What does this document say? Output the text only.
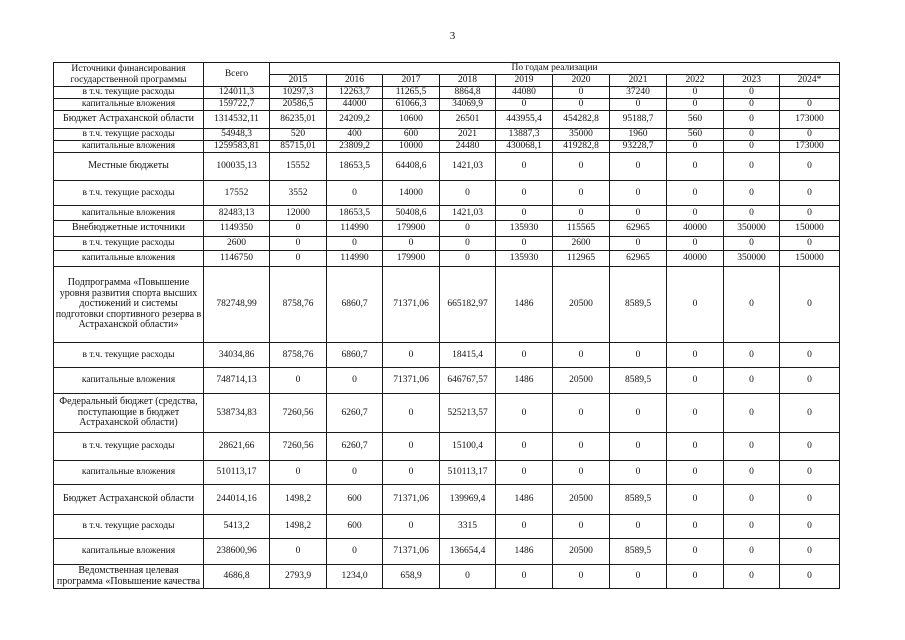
3
Источники финансирования государственной программы	Всего	По годам реализации									
		2015	2016	2017	2018	2019	2020	2021	2022	2023	2024*
в т.ч. текущие расходы	124011,3	10297,3	12263,7	11265,5	8864,8	44080	0	37240	0	0	
капитальные вложения	159722,7	20586,5	44000	61066,3	34069,9	0	0	0	0	0	0
Бюджет Астраханской области	1314532,11	86235,01	24209,2	10600	26501	443955,4	454282,8	95188,7	560	0	173000
в т.ч. текущие расходы	54948,3	520	400	600	2021	13887,3	35000	1960	560	0	0
капитальные вложения	1259583,81	85715,01	23809,2	10000	24480	430068,1	419282,8	93228,7	0	0	173000
Местные бюджеты	100035,13	15552	18653,5	64408,6	1421,03	0	0	0	0	0	0
в т.ч. текущие расходы	17552	3552	0	14000	0	0	0	0	0	0	0
капитальные вложения	82483,13	12000	18653,5	50408,6	1421,03	0	0	0	0	0	0
Внебюджетные источники	1149350	0	114990	179900	0	135930	115565	62965	40000	350000	150000
в т.ч. текущие расходы	2600	0	0	0	0	0	2600	0	0	0	0
капитальные вложения	1146750	0	114990	179900	0	135930	112965	62965	40000	350000	150000
Подпрограмма «Повышение уровня развития спорта высших достижений и системы подготовки спортивного резерва в Астраханской области»	782748,99	8758,76	6860,7	71371,06	665182,97	1486	20500	8589,5	0	0	0
в т.ч. текущие расходы	34034,86	8758,76	6860,7	0	18415,4	0	0	0	0	0	0
капитальные вложения	748714,13	0	0	71371,06	646767,57	1486	20500	8589,5	0	0	0
Федеральный бюджет (средства, поступающие в бюджет Астраханской области)	538734,83	7260,56	6260,7	0	525213,57	0	0	0	0	0	0
в т.ч. текущие расходы	28621,66	7260,56	6260,7	0	15100,4	0	0	0	0	0	0
капитальные вложения	510113,17	0	0	0	510113,17	0	0	0	0	0	0
Бюджет Астраханской области	244014,16	1498,2	600	71371,06	139969,4	1486	20500	8589,5	0	0	0
в т.ч. текущие расходы	5413,2	1498,2	600	0	3315	0	0	0	0	0	0
капитальные вложения	238600,96	0	0	71371,06	136654,4	1486	20500	8589,5	0	0	0
Ведомственная целевая программа «Повышение качества	4686,8	2793,9	1234,0	658,9	0	0	0	0	0	0	0
